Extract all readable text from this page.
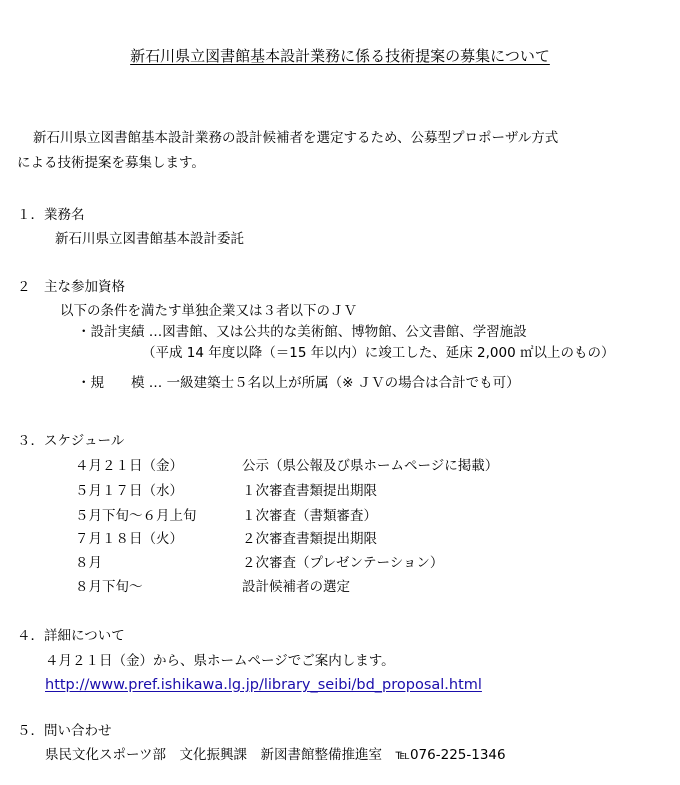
新石川県立図書館基本設計業務に係る技術提案の募集について
新石川県立図書館基本設計業務の設計候補者を選定するため、公募型プロポーザル方式
による技術提案を募集します。
１．業務名
新石川県立図書館基本設計委託
２　主な参加資格
以下の条件を満たす単独企業又は３者以下のＪＶ
・設計実績 …図書館、又は公共的な美術館、博物館、公文書館、学習施設
（平成 14 年度以降（＝15 年以内）に竣工した、延床 2,000 ㎡以上のもの）
・規　　模 … 一級建築士５名以上が所属（※ ＪＶの場合は合計でも可）
３．スケジュール
４月２１日（金）	公示（県公報及び県ホームページに掲載）
５月１７日（水）	１次審査書類提出期限
５月下旬～６月上旬	１次審査（書類審査）
７月１８日（火）	２次審査書類提出期限
８月	２次審査（プレゼンテーション）
８月下旬～	設計候補者の選定
４．詳細について
４月２１日（金）から、県ホームページでご案内します。
http://www.pref.ishikawa.lg.jp/library_seibi/bd_proposal.html
５．問い合わせ
県民文化スポーツ部　文化振興課　新図書館整備推進室　℡076-225-1346
